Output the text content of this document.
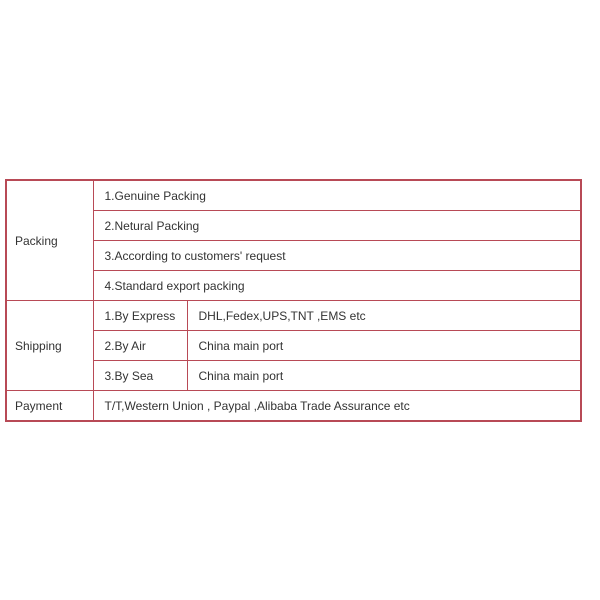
Packing	1.Genuine Packing	
	2.Netural Packing	
	3.According to customers' request	
	4.Standard export packing	
Shipping	1.By Express	DHL,Fedex,UPS,TNT ,EMS etc
	2.By Air	China main port
	3.By Sea	China main port
Payment	T/T,Western Union , Paypal ,Alibaba Trade Assurance etc	
